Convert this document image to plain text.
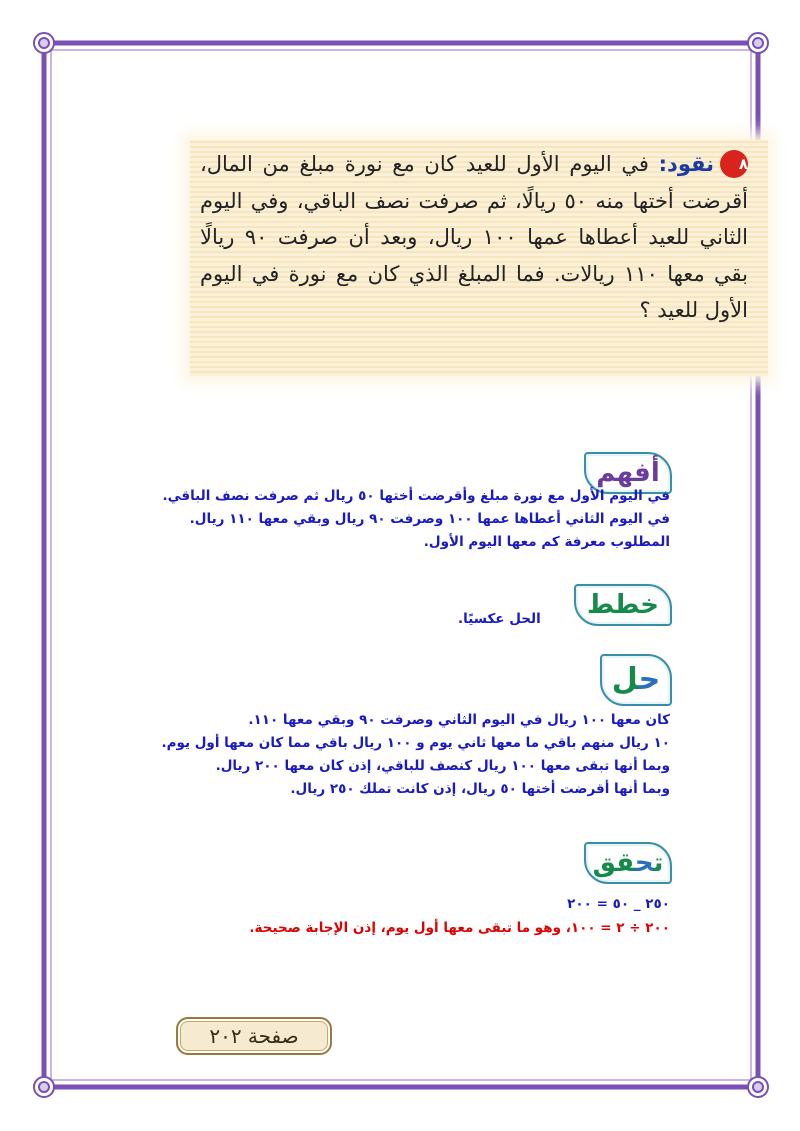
٨نقود: في اليوم الأول للعيد كان مع نورة مبلغ من المال، أقرضت أختها منه ٥٠ ريالًا، ثم صرفت نصف الباقي، وفي اليوم الثاني للعيد أعطاها عمها ١٠٠ ريال، وبعد أن صرفت ٩٠ ريالًا بقي معها ١١٠ ريالات. فما المبلغ الذي كان مع نورة في اليوم الأول للعيد ؟
أفهم
في اليوم الأول مع نورة مبلغ وأقرضت أختها ٥٠ ريال ثم صرفت نصف الباقي.
في اليوم الثاني أعطاها عمها ١٠٠ وصرفت ٩٠ ريال وبقي معها ١١٠ ريال.
المطلوب معرفة كم معها اليوم الأول.
خطط
الحل عكسيًا.
حل
كان معها ١٠٠ ريال في اليوم الثاني وصرفت ٩٠ وبقي معها ١١٠.
١٠ ريال منهم باقي ما معها ثاني يوم و ١٠٠ ريال باقي مما كان معها أول يوم.
وبما أنها تبقى معها ١٠٠ ريال كنصف للباقي، إذن كان معها ٢٠٠ ريال.
وبما أنها أقرضت أختها ٥٠ ريال، إذن كانت تملك ٢٥٠ ريال.
تحقق
٢٥٠ _ ٥٠ = ٢٠٠
٢٠٠ ÷ ٢ = ١٠٠، وهو ما تبقى معها أول يوم، إذن الإجابة صحيحة.
صفحة ٢٠٢
